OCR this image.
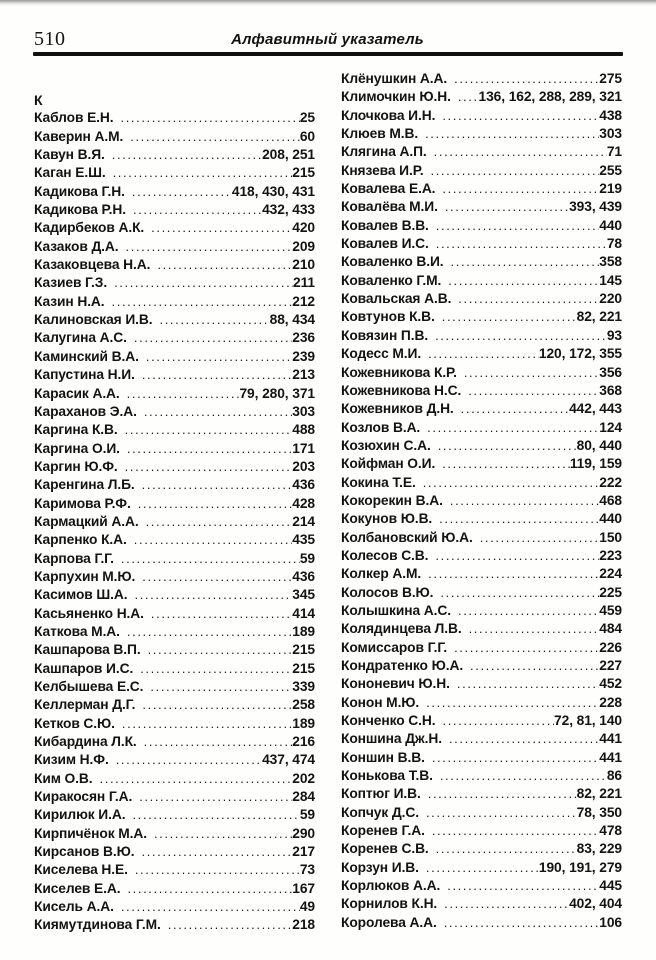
510	Алфавитный указатель
К
Каблов Е.Н. .....	25
Каверин А.М. .....	60
Кавун В.Я. .....	208, 251
Каган Е.Ш. .....	215
Кадикова Г.Н. .....	418, 430, 431
Кадикова Р.Н. .....	432, 433
Кадирбеков А.К. .....	420
Казаков Д.А. .....	209
Казаковцева Н.А. .....	210
Казиев Г.З. .....	211
Казин Н.А. .....	212
Калиновская И.В. .....	88, 434
Калугина А.С. .....	236
Каминский В.А. .....	239
Капустина Н.И. .....	213
Карасик А.А. .....	79, 280, 371
Караханов Э.А. .....	303
Каргина К.В. .....	488
Каргина О.И. .....	171
Каргин Ю.Ф. .....	203
Каренгина Л.Б. .....	436
Каримова Р.Ф. .....	428
Кармацкий А.А. .....	214
Карпенко К.А. .....	435
Карпова Г.Г. .....	59
Карпухин М.Ю. .....	436
Касимов Ш.А. .....	345
Касьяненко Н.А. .....	414
Каткова М.А. .....	189
Кашпарова В.П. .....	215
Кашпаров И.С. .....	215
Келбышева Е.С. .....	339
Келлерман Д.Г. .....	258
Кетков С.Ю. .....	189
Кибардина Л.К. .....	216
Кизим Н.Ф. .....	437, 474
Ким О.В. .....	202
Киракосян Г.А. .....	284
Кирилюк И.А. .....	59
Кирпичёнок М.А. .....	290
Кирсанов В.Ю. .....	217
Киселева Н.Е. .....	73
Киселев Е.А. .....	167
Кисель А.А. .....	49
Киямутдинова Г.М. .....	218
Клёнушкин А.А. .....	275
Климочкин Ю.Н. ..... 136, 162, 288, 289, 321
Клочкова И.Н. .....	438
Клюев М.В. .....	303
Клягина А.П. .....	71
Князева И.Р. .....	255
Ковалева Е.А. .....	219
Ковалёва М.И. .....	393, 439
Ковалев В.В. .....	440
Ковалев И.С. .....	78
Коваленко В.И. .....	358
Коваленко Г.М. .....	145
Ковальская А.В. .....	220
Ковтунов К.В. .....	82, 221
Ковязин П.В. .....	93
Кодесс М.И. .....	120, 172, 355
Кожевникова К.Р. .....	356
Кожевникова Н.С. .....	368
Кожевников Д.Н. .....	442, 443
Козлов В.А. .....	124
Козюхин С.А. .....	80, 440
Койфман О.И. .....	119, 159
Кокина Т.Е. .....	222
Кокорекин В.А. .....	468
Кокунов Ю.В. .....	440
Колбановский Ю.А. .....	150
Колесов С.В. .....	223
Колкер А.М. .....	224
Колосов В.Ю. .....	225
Колышкина А.С. .....	459
Колядинцева Л.В. .....	484
Комиссаров Г.Г. .....	226
Кондратенко Ю.А. .....	227
Кононевич Ю.Н. .....	452
Конон М.Ю. .....	228
Конченко С.Н. .....	72, 81, 140
Коншина Дж.Н. .....	441
Коншин В.В. .....	441
Конькова Т.В. .....	86
Коптюг И.В. .....	82, 221
Копчук Д.С. .....	78, 350
Коренев Г.А. .....	478
Коренев С.В. .....	83, 229
Корзун И.В. .....	190, 191, 279
Корлюков А.А. .....	445
Корнилов К.Н. .....	402, 404
Королева А.А. .....	106
